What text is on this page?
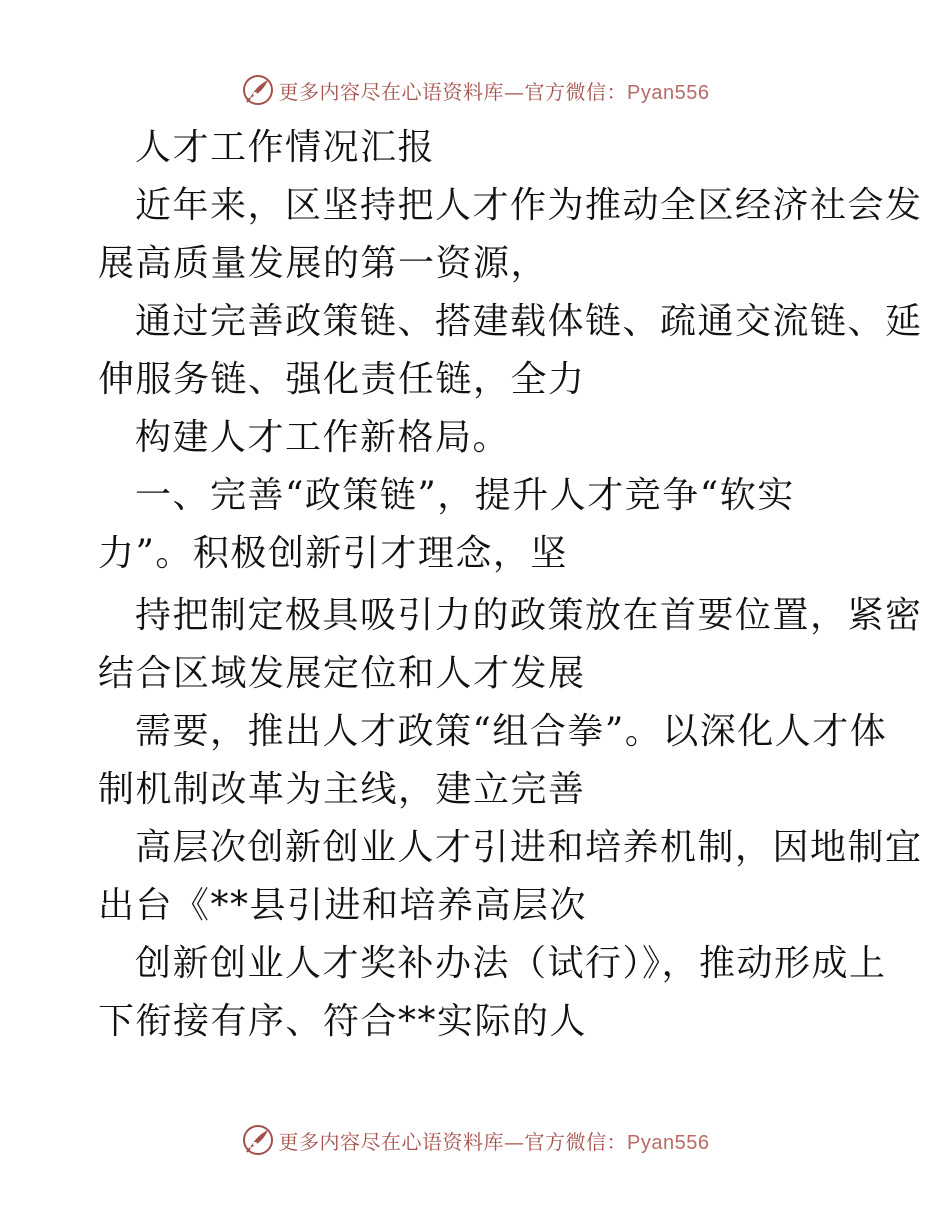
更多内容尽在心语资料库—官方微信：Pyan556
人才工作情况汇报
近年来，区坚持把人才作为推动全区经济社会发
展高质量发展的第一资源，
通过完善政策链、搭建载体链、疏通交流链、延
伸服务链、强化责任链，全力
构建人才工作新格局。
一、完善“政策链”，提升人才竞争“软实
力”。积极创新引才理念，坚
持把制定极具吸引力的政策放在首要位置，紧密
结合区域发展定位和人才发展
需要，推出人才政策“组合拳”。以深化人才体
制机制改革为主线，建立完善
高层次创新创业人才引进和培养机制，因地制宜
出台《**县引进和培养高层次
创新创业人才奖补办法（试行）》，推动形成上
下衔接有序、符合**实际的人
更多内容尽在心语资料库—官方微信：Pyan556
